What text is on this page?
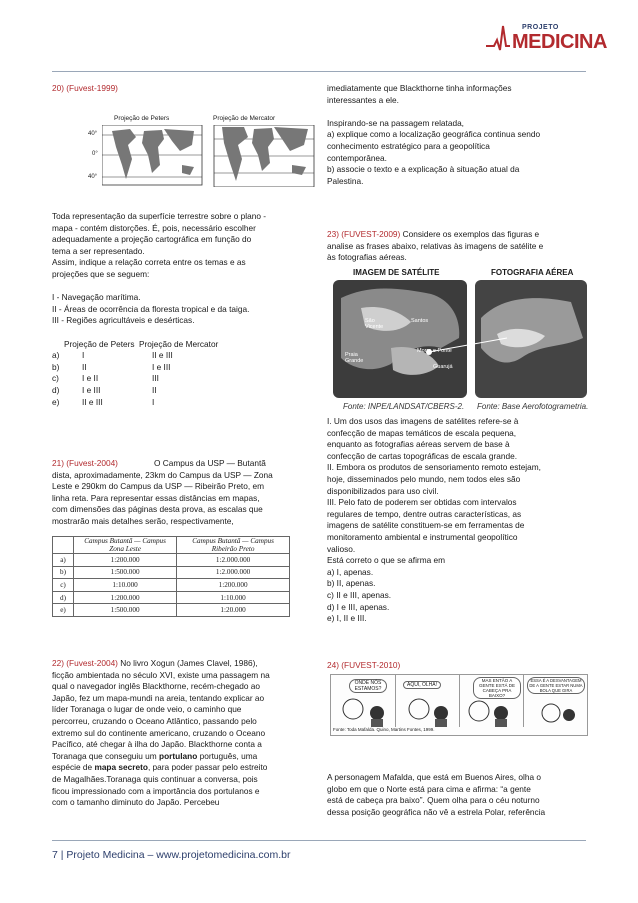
PROJETO
MEDICINA
20) (Fuvest-1999)
Projeção de Peters	Projeção de Mercator
40°
0°
40°

Toda representação da superfície terrestre sobre o plano -

mapa - contém distorções. É, pois, necessário escolher

adequadamente a projeção cartográfica em função do

tema a ser representado.

Assim, indique a relação correta entre os temas e as

projeções que se seguem:

I - Navegação marítima.

II - Áreas de ocorrência da floresta tropical e da taiga.

III - Regiões agricultáveis e desérticas.

Projeção de Peters Projeção de Mercator
a)	I	II e III
b)	II	I e III
c)	I e II	III
d)	I e III	II
e)	II e III	I

21) (Fuvest-2004)	O Campus da USP — Butantã

dista, aproximadamente, 23km do Campus da USP — Zona

Leste e 290km do Campus da USP — Ribeirão Preto, em

linha reta. Para representar essas distâncias em mapas,

com dimensões das páginas desta prova, as escalas que

mostrarão mais detalhes serão, respectivamente,

	Campus Butantã — Campus Zona Leste	Campus Butantã — Campus Ribeirão Preto
a)	1:200.000	1:2.000.000
b)	1:500.000	1:2.000.000
c)	1:10.000	1:200.000
d)	1:200.000	1:10.000
e)	1:500.000	1:20.000

22) (Fuvest-2004) No livro Xogun (James Clavel, 1986),

ficção ambientada no século XVI, existe uma passagem na

qual o navegador inglês Blackthorne, recém-chegado ao

Japão, fez um mapa-mundi na areia, tentando explicar ao

líder Toranaga o lugar de onde veio, o caminho que

percorreu, cruzando o Oceano Atlântico, passando pelo

extremo sul do continente americano, cruzando o Oceano

Pacífico, até chegar à ilha do Japão. Blackthorne conta a

Toranaga que conseguiu um portulano português, uma

espécie de mapa secreto, para poder passar pelo estreito

de Magalhães.Toranaga quis continuar a conversa, pois

ficou impressionado com a importância dos portulanos e

com o tamanho diminuto do Japão. Percebeu

imediatamente que Blackthorne tinha informações

interessantes a ele.

Inspirando-se na passagem relatada,

a) explique como a localização geográfica continua sendo

conhecimento estratégico para a geopolítica

contemporânea.

b) associe o texto e a explicação à situação atual da

Palestina.

23) (FUVEST-2009) Considere os exemplos das figuras e

analise as frases abaixo, relativas às imagens de satélite e

às fotografias aéreas.

IMAGEM DE SATÉLITE	FOTOGRAFIA AÉREA
São Vicente
Santos
Praia Grande
Morro e Ponte
Guarujá
Fonte: INPE/LANDSAT/CBERS-2. Fonte: Base Aerofotogrametria.

I. Um dos usos das imagens de satélites refere-se à

confecção de mapas temáticos de escala pequena,

enquanto as fotografias aéreas servem de base à

confecção de cartas topográficas de escala grande.

II. Embora os produtos de sensoriamento remoto estejam,

hoje, disseminados pelo mundo, nem todos eles são

disponibilizados para uso civil.

III. Pelo fato de poderem ser obtidas com intervalos

regulares de tempo, dentre outras características, as

imagens de satélite constituem-se em ferramentas de

monitoramento ambiental e instrumental geopolítico

valioso.

Está correto o que se afirma em

a) I, apenas.

b) II, apenas.

c) II e III, apenas.

d) I e III, apenas.

e) I, II e III.

24) (FUVEST-2010)
ONDE NÓS ESTAMOS?
AQUI, OLHA!
MAS ENTÃO A GENTE ESTÁ DE CABEÇA PRA BAIXO?
ESSA É A DESVANTAGEM DE A GENTE ESTAR NUMA BOLA QUE GIRA
Fonte: Toda Mafalda. Quino, Martins Fontes, 1999.

A personagem Mafalda, que está em Buenos Aires, olha o

globo em que o Norte está para cima e afirma: “a gente

está de cabeça pra baixo”. Quem olha para o céu noturno

dessa posição geográfica não vê a estrela Polar, referência

7 | Projeto Medicina – www.projetomedicina.com.br
